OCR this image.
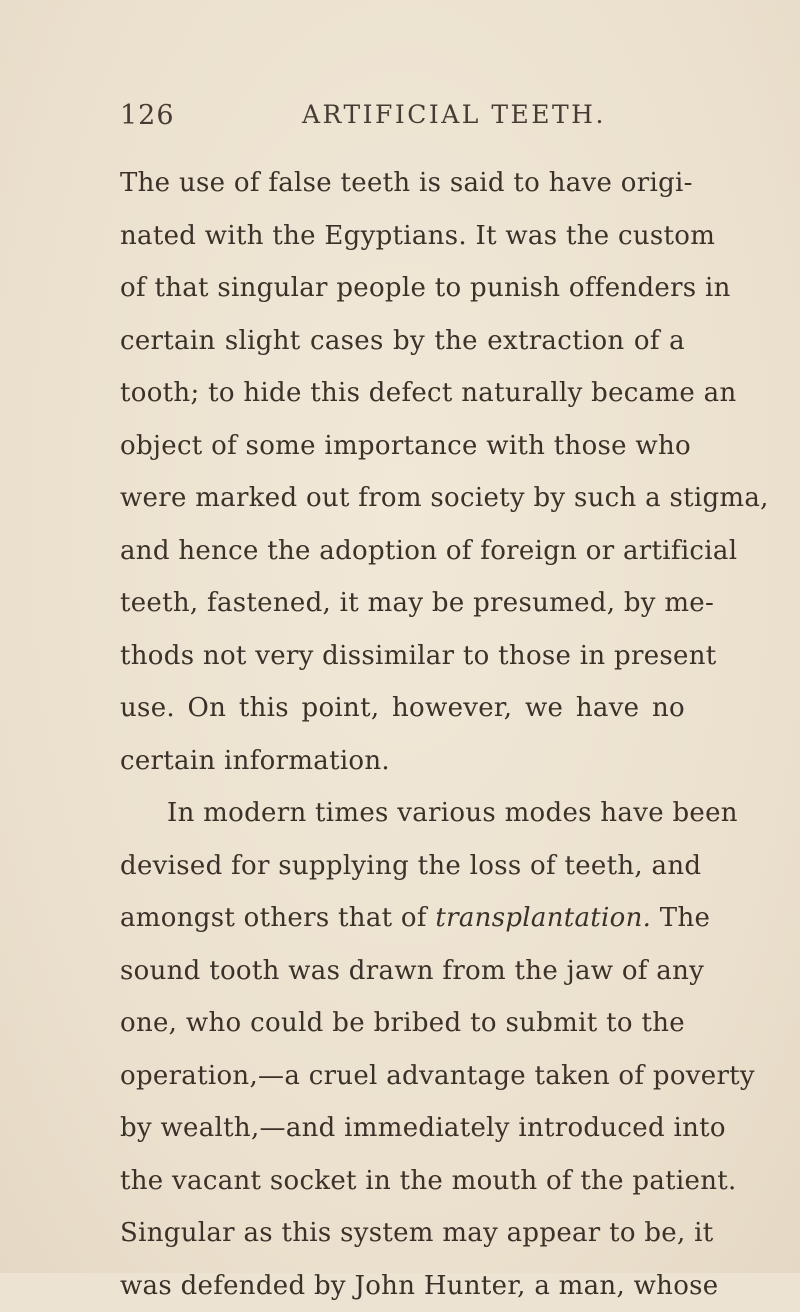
126	ARTIFICIAL TEETH.
The use of false teeth is said to have origi-
nated with the Egyptians. It was the custom
of that singular people to punish offenders in
certain slight cases by the extraction of a
tooth; to hide this defect naturally became an
object of some importance with those who
were marked out from society by such a stigma,
and hence the adoption of foreign or artificial
teeth, fastened, it may be presumed, by me-
thods not very dissimilar to those in present
use. On this point, however, we have no
certain information.
In modern times various modes have been
devised for supplying the loss of teeth, and
amongst others that of transplantation. The
sound tooth was drawn from the jaw of any
one, who could be bribed to submit to the
operation,—a cruel advantage taken of poverty
by wealth,—and immediately introduced into
the vacant socket in the mouth of the patient.
Singular as this system may appear to be, it
was defended by John Hunter, a man, whose
